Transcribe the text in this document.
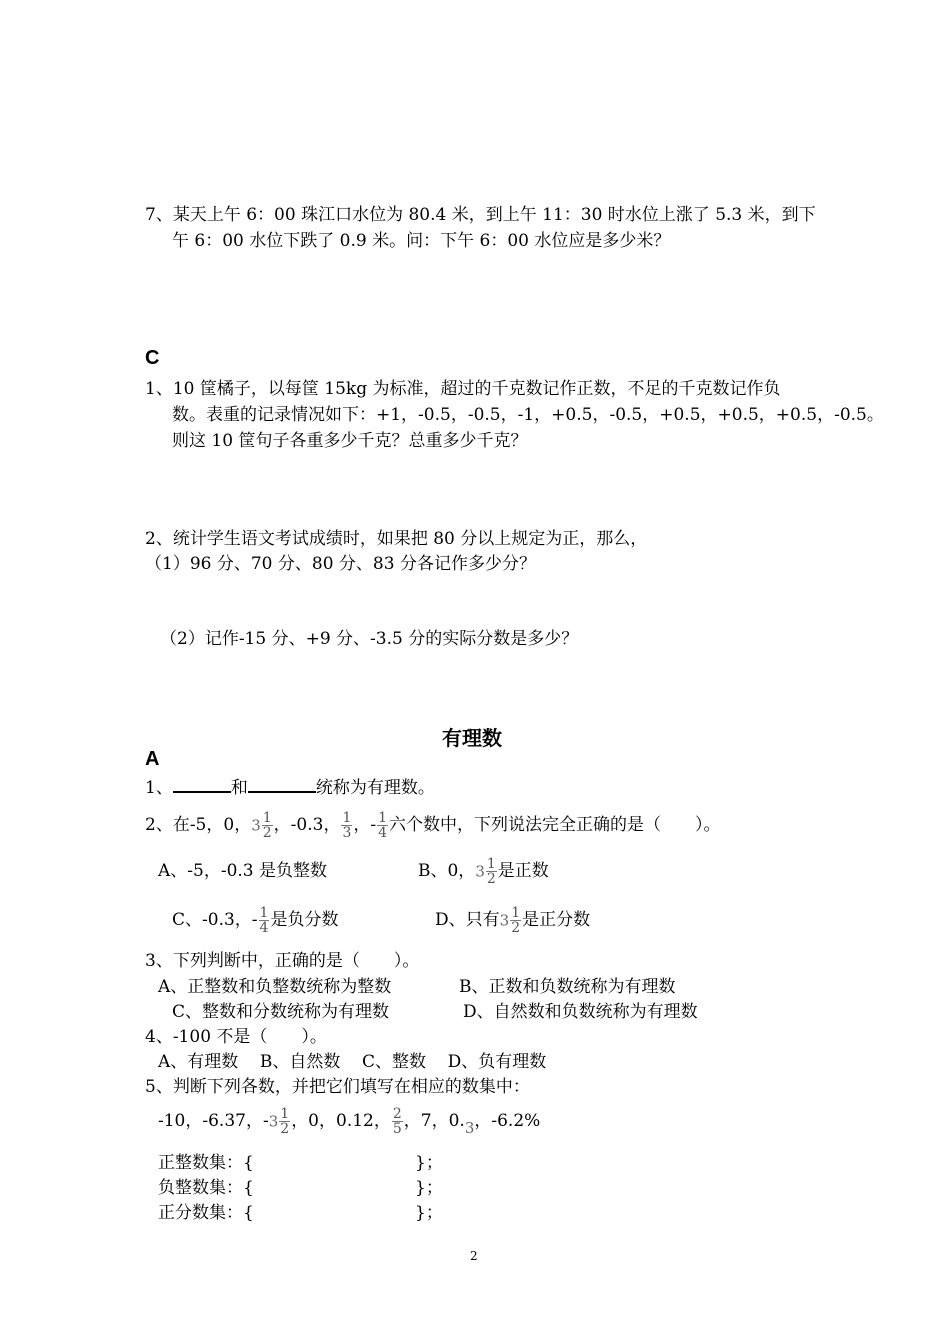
7、某天上午 6：00 珠江口水位为 80.4 米，到上午 11：30 时水位上涨了 5.3 米，到下
午 6：00 水位下跌了 0.9 米。问：下午 6：00 水位应是多少米？
C
1、10 筐橘子，以每筐 15kg 为标准，超过的千克数记作正数，不足的千克数记作负
数。表重的记录情况如下：+1，-0.5，-0.5，-1，+0.5，-0.5，+0.5，+0.5，+0.5，-0.5。
则这 10 筐句子各重多少千克？总重多少千克？
2、统计学生语文考试成绩时，如果把 80 分以上规定为正，那么，
（1）96 分、70 分、80 分、83 分各记作多少分？
（2）记作-15 分、+9 分、-3.5 分的实际分数是多少？
有理数
A
1、	和	统称为有理数。
2、在-5，0，$3 \frac{1}{2}$ ，-0.3， $\frac{1}{3}$ ，- $\frac{1}{4}$ 六个数中，下列说法完全正确的是（　　）。
A、-5，-0.3 是负整数	B、0，$3 \frac{1}{2}$ 是正数
C、-0.3，- $\frac{1}{4}$ 是负分数	D、只有$3 \frac{1}{2}$ 是正分数
3、下列判断中，正确的是（　　）。
A、正整数和负整数统称为整数	B、正数和负数统称为有理数
C、整数和分数统称为有理数	D、自然数和负数统称为有理数
4、-100 不是（　　）。
A、有理数 B、自然数 C、整数 D、负有理数
5、判断下列各数，并把它们填写在相应的数集中：
-10，-6.37，$-3 \frac{1}{2}$ ，0，0.12， $\frac{2}{5}$ ，7，0.3，-6.2%
正整数集：{	}；
负整数集：{	}；
正分数集：{	}；
2
